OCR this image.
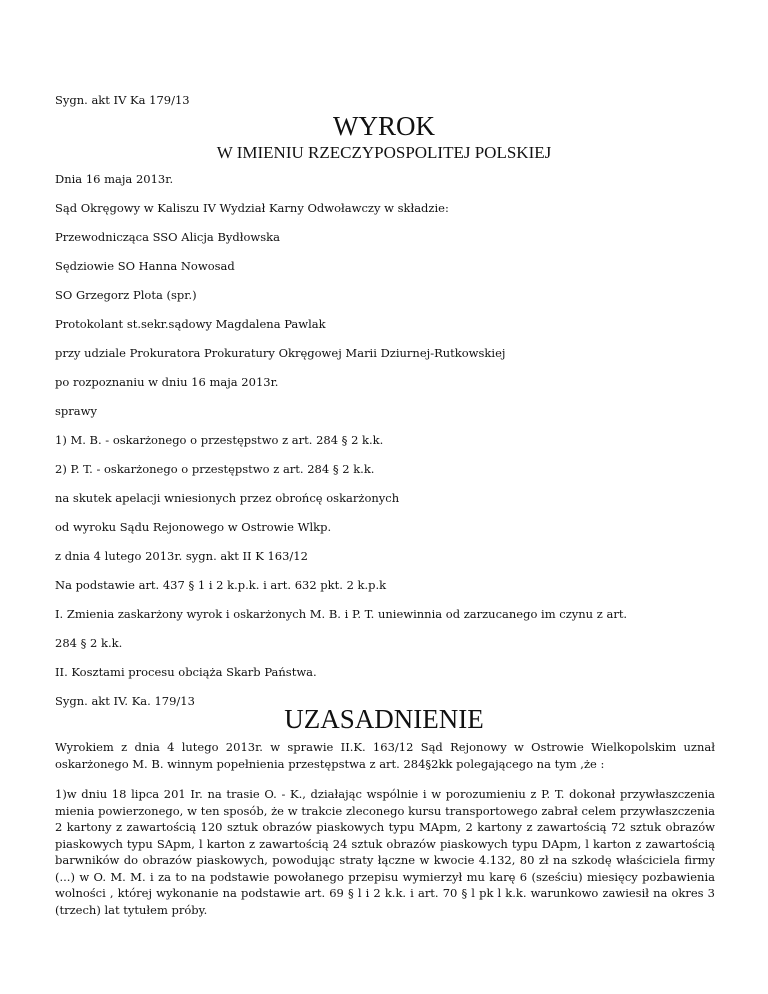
Sygn. akt IV Ka 179/13
WYROK
W IMIENIU RZECZYPOSPOLITEJ POLSKIEJ
Dnia 16 maja 2013r.
Sąd Okręgowy w Kaliszu IV Wydział Karny Odwoławczy w składzie:
Przewodnicząca SSO Alicja Bydłowska
Sędziowie SO Hanna Nowosad
SO Grzegorz Plota (spr.)
Protokolant st.sekr.sądowy Magdalena Pawlak
przy udziale Prokuratora Prokuratury Okręgowej Marii Dziurnej-Rutkowskiej
po rozpoznaniu w dniu 16 maja 2013r.
sprawy
1) M. B. - oskarżonego o przestępstwo z art. 284 § 2 k.k.
2) P. T. - oskarżonego o przestępstwo z art. 284 § 2 k.k.
na skutek apelacji wniesionych przez obrońcę oskarżonych
od wyroku Sądu Rejonowego w Ostrowie Wlkp.
z dnia 4 lutego 2013r. sygn. akt II K 163/12
Na podstawie art. 437 § 1 i 2 k.p.k. i art. 632 pkt. 2 k.p.k
I. Zmienia zaskarżony wyrok i oskarżonych M. B. i P. T. uniewinnia od zarzucanego im czynu z art.
284 § 2 k.k.
II. Kosztami procesu obciąża Skarb Państwa.
Sygn. akt IV. Ka. 179/13
UZASADNIENIE
Wyrokiem z dnia 4 lutego 2013r. w sprawie II.K. 163/12 Sąd Rejonowy w Ostrowie Wielkopolskim uznał oskarżonego M. B. winnym popełnienia przestępstwa z art. 284§2kk polegającego na tym ,że :
1)w dniu 18 lipca 201 Ir. na trasie O. - K., działając wspólnie i w porozumieniu z P. T. dokonał przywłaszczenia mienia powierzonego, w ten sposób, że w trakcie zleconego kursu transportowego zabrał celem przywłaszczenia 2 kartony z zawartością 120 sztuk obrazów piaskowych typu MApm, 2 kartony z zawartością 72 sztuk obrazów piaskowych typu SApm, l karton z zawartością 24 sztuk obrazów piaskowych typu DApm, l karton z zawartością barwników do obrazów piaskowych, powodując straty łączne w kwocie 4.132, 80 zł na szkodę właściciela firmy (...) w O. M. M. i za to na podstawie powołanego przepisu wymierzył mu karę 6 (sześciu) miesięcy pozbawienia wolności , której wykonanie na podstawie art. 69 § l i 2 k.k. i art. 70 § l pk l k.k. warunkowo zawiesił na okres 3 (trzech) lat tytułem próby.
